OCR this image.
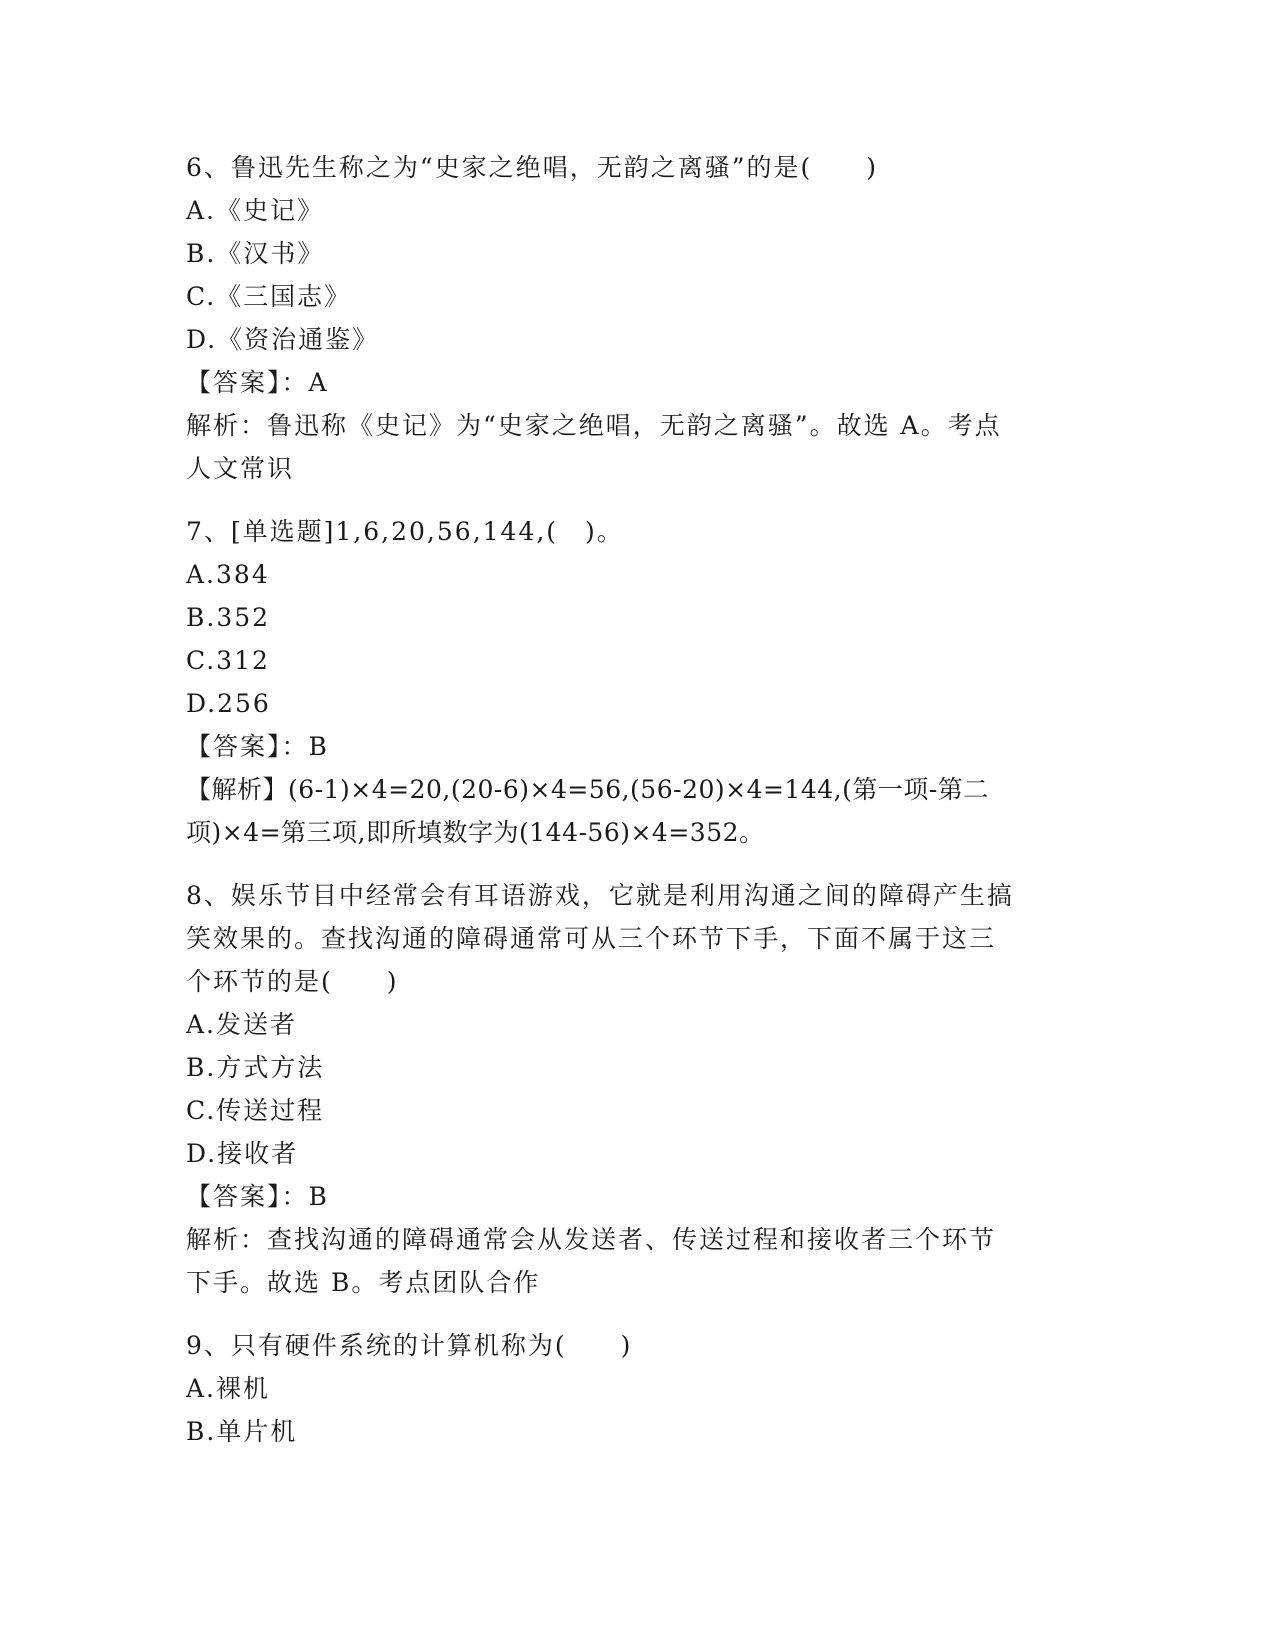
6、鲁迅先生称之为“史家之绝唱，无韵之离骚”的是(　　)
A.《史记》
B.《汉书》
C.《三国志》
D.《资治通鉴》
【答案】：A
解析：鲁迅称《史记》为“史家之绝唱，无韵之离骚”。故选 A。考点
人文常识
7、[单选题]1,6,20,56,144,(　)。
A.384
B.352
C.312
D.256
【答案】：B
【解析】(6-1)×4=20,(20-6)×4=56,(56-20)×4=144,(第一项-第二
项)×4=第三项,即所填数字为(144-56)×4=352。
8、娱乐节目中经常会有耳语游戏，它就是利用沟通之间的障碍产生搞
笑效果的。查找沟通的障碍通常可从三个环节下手，下面不属于这三
个环节的是(　　)
A.发送者
B.方式方法
C.传送过程
D.接收者
【答案】：B
解析：查找沟通的障碍通常会从发送者、传送过程和接收者三个环节
下手。故选 B。考点团队合作
9、只有硬件系统的计算机称为(　　)
A.裸机
B.单片机
